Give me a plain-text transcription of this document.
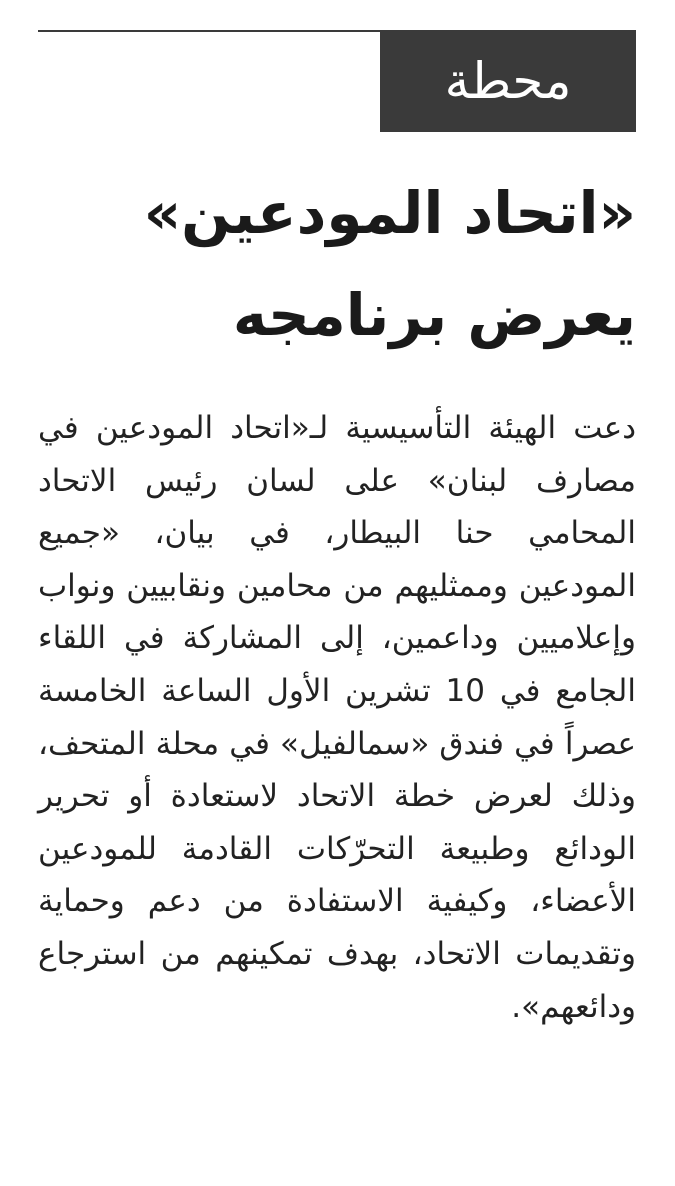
محطة
«اتحاد المودعين» يعرض برنامجه

دعت الهيئة التأسيسية لـ«اتحاد المودعين في مصارف لبنان» على لسان رئيس الاتحاد المحامي حنا البيطار، في بيان، «جميع المودعين وممثليهم من محامين ونقابيين ونواب وإعلاميين وداعمين، إلى المشاركة في اللقاء الجامع في 10 تشرين الأول الساعة الخامسة عصراً في فندق «سمالفيل» في محلة المتحف، وذلك لعرض خطة الاتحاد لاستعادة أو تحرير الودائع وطبيعة التحرّكات القادمة للمودعين الأعضاء، وكيفية الاستفادة من دعم وحماية وتقديمات الاتحاد، بهدف تمكينهم من استرجاع ودائعهم».
